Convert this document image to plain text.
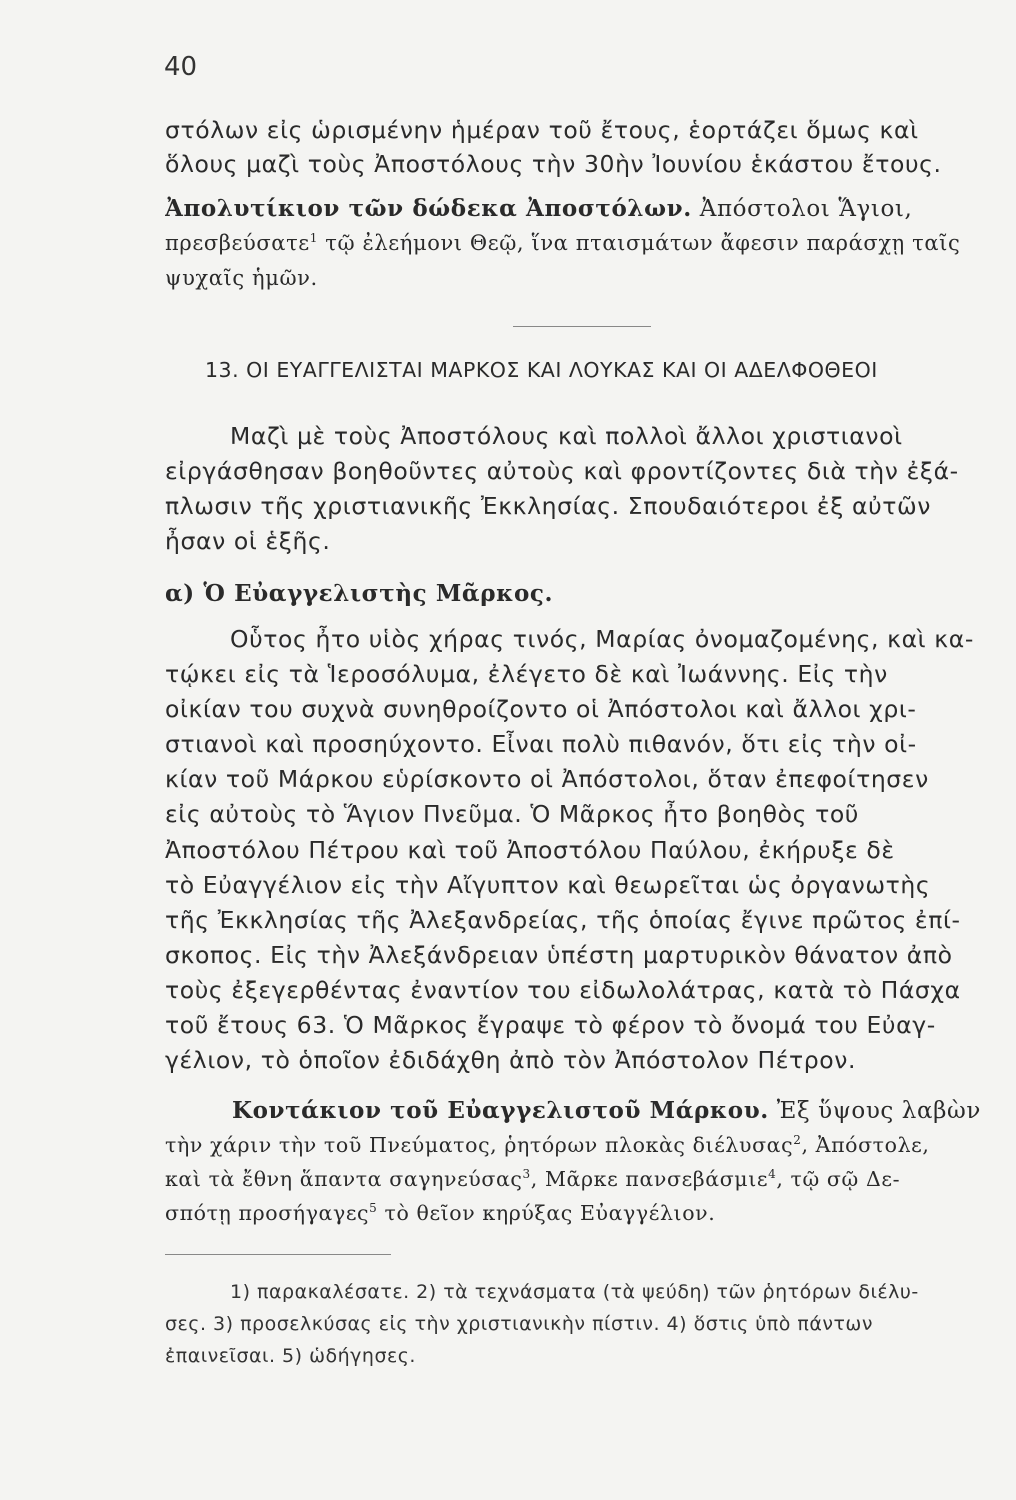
40
στόλων εἰς ὡρισμένην ἡμέραν τοῦ ἔτους, ἑορτάζει ὅμως καὶ
ὅλους μαζὶ τοὺς Ἀποστόλους τὴν 30ὴν Ἰουνίου ἑκάστου ἔτους.
Ἀπολυτίκιον τῶν δώδεκα Ἀποστόλων. Ἀπόστολοι Ἅγιοι,
πρεσβεύσατε$^1$ τῷ ἐλεήμονι Θεῷ, ἵνα πταισμάτων ἄφεσιν παράσχῃ ταῖς
ψυχαῖς ἡμῶν.
13. ΟΙ ΕΥΑΓΓΕΛΙΣΤΑΙ ΜΑΡΚΟΣ ΚΑΙ ΛΟΥΚΑΣ ΚΑΙ ΟΙ ΑΔΕΛΦΟΘΕΟΙ
Μαζὶ μὲ τοὺς Ἀποστόλους καὶ πολλοὶ ἄλλοι χριστιανοὶ
εἰργάσθησαν βοηθοῦντες αὐτοὺς καὶ φροντίζοντες διὰ τὴν ἐξά-
πλωσιν τῆς χριστιανικῆς Ἐκκλησίας. Σπουδαιότεροι ἐξ αὐτῶν
ἦσαν οἱ ἑξῆς.
α) Ὁ Εὐαγγελιστὴς Μᾶρκος.
Οὗτος ἦτο υἱὸς χήρας τινός, Μαρίας ὀνομαζομένης, καὶ κα-
τῴκει εἰς τὰ Ἱεροσόλυμα, ἐλέγετο δὲ καὶ Ἰωάννης. Εἰς τὴν
οἰκίαν του συχνὰ συνηθροίζοντο οἱ Ἀπόστολοι καὶ ἄλλοι χρι-
στιανοὶ καὶ προσηύχοντο. Εἶναι πολὺ πιθανόν, ὅτι εἰς τὴν οἰ-
κίαν τοῦ Μάρκου εὑρίσκοντο οἱ Ἀπόστολοι, ὅταν ἐπεφοίτησεν
εἰς αὐτοὺς τὸ Ἅγιον Πνεῦμα. Ὁ Μᾶρκος ἦτο βοηθὸς τοῦ
Ἀποστόλου Πέτρου καὶ τοῦ Ἀποστόλου Παύλου, ἐκήρυξε δὲ
τὸ Εὐαγγέλιον εἰς τὴν Αἴγυπτον καὶ θεωρεῖται ὡς ὀργανωτὴς
τῆς Ἐκκλησίας τῆς Ἀλεξανδρείας, τῆς ὁποίας ἔγινε πρῶτος ἐπί-
σκοπος. Εἰς τὴν Ἀλεξάνδρειαν ὑπέστη μαρτυρικὸν θάνατον ἀπὸ
τοὺς ἐξεγερθέντας ἐναντίον του εἰδωλολάτρας, κατὰ τὸ Πάσχα
τοῦ ἔτους 63. Ὁ Μᾶρκος ἔγραψε τὸ φέρον τὸ ὄνομά του Εὐαγ-
γέλιον, τὸ ὁποῖον ἐδιδάχθη ἀπὸ τὸν Ἀπόστολον Πέτρον.
Κοντάκιον τοῦ Εὐαγγελιστοῦ Μάρκου. Ἐξ ὕψους λαβὼν
τὴν χάριν τὴν τοῦ Πνεύματος, ῥητόρων πλοκὰς διέλυσας$^2$, Ἀπόστολε,
καὶ τὰ ἔθνη ἅπαντα σαγηνεύσας$^3$, Μᾶρκε πανσεβάσμιε$^4$, τῷ σῷ Δε-
σπότῃ προσήγαγες$^5$ τὸ θεῖον κηρύξας Εὐαγγέλιον.
1) παρακαλέσατε. 2) τὰ τεχνάσματα (τὰ ψεύδη) τῶν ῥητόρων διέλυ-
σες. 3) προσελκύσας εἰς τὴν χριστιανικὴν πίστιν. 4) ὅστις ὑπὸ πάντων
ἐπαινεῖσαι. 5) ὡδήγησες.
